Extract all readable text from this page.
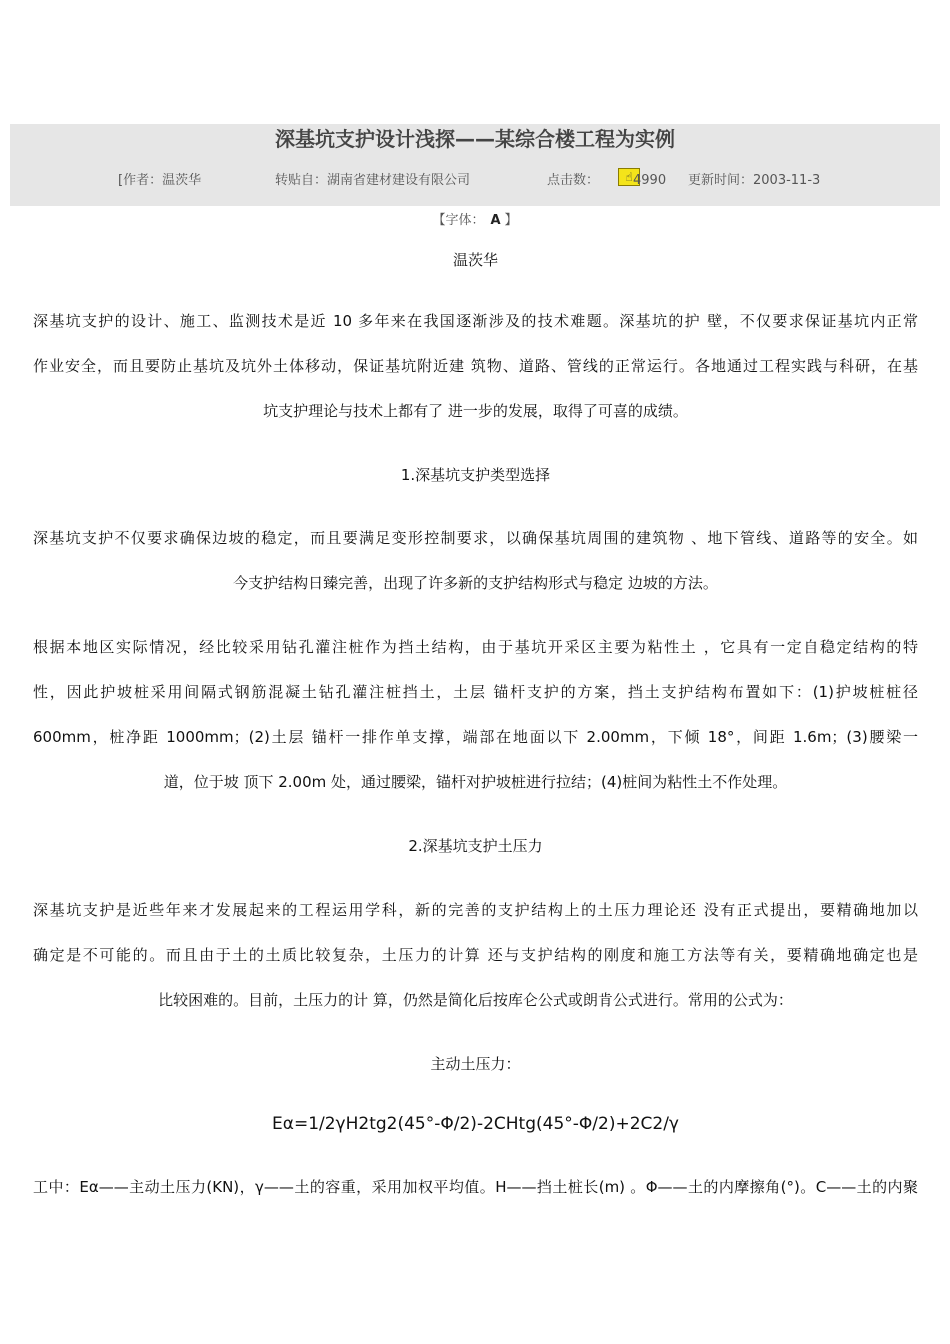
深基坑支护设计浅探——某综合楼工程为实例
[作者：温茨华	转贴自：湖南省建材建设有限公司	点击数：	☝ 4990 更新时间：2003-11-3
【字体： A 】
温茨华
深基坑支护的设计、施工、监测技术是近 10 多年来在我国逐渐涉及的技术难题。深基坑的护 壁，不仅要求保证基坑内正常
作业安全，而且要防止基坑及坑外土体移动，保证基坑附近建 筑物、道路、管线的正常运行。各地通过工程实践与科研，在基
坑支护理论与技术上都有了 进一步的发展，取得了可喜的成绩。
1.深基坑支护类型选择
深基坑支护不仅要求确保边坡的稳定，而且要满足变形控制要求，以确保基坑周围的建筑物 、地下管线、道路等的安全。如
今支护结构日臻完善，出现了许多新的支护结构形式与稳定 边坡的方法。
根据本地区实际情况，经比较采用钻孔灌注桩作为挡土结构，由于基坑开采区主要为粘性土 ，它具有一定自稳定结构的特
性，因此护坡桩采用间隔式钢筋混凝土钻孔灌注桩挡土，土层 锚杆支护的方案，挡土支护结构布置如下：(1)护坡桩桩径
600mm，桩净距 1000mm；(2)土层 锚杆一排作单支撑，端部在地面以下 2.00mm，下倾 18°，间距 1.6m；(3)腰梁一
道，位于坡 顶下 2.00m 处，通过腰梁，锚杆对护坡桩进行拉结；(4)桩间为粘性土不作处理。
2.深基坑支护土压力
深基坑支护是近些年来才发展起来的工程运用学科，新的完善的支护结构上的土压力理论还 没有正式提出，要精确地加以
确定是不可能的。而且由于土的土质比较复杂，土压力的计算 还与支护结构的刚度和施工方法等有关，要精确地确定也是
比较困难的。目前，土压力的计 算，仍然是简化后按库仑公式或朗肯公式进行。常用的公式为：
主动土压力：
Eα=1/2γH2tg2(45°-Φ/2)-2CHtg(45°-Φ/2)+2C2/γ
工中：Eα——主动土压力(KN)，γ——土的容重，采用加权平均值。H——挡土桩长(m) 。Φ——土的内摩擦角(°)。C——土的内聚
